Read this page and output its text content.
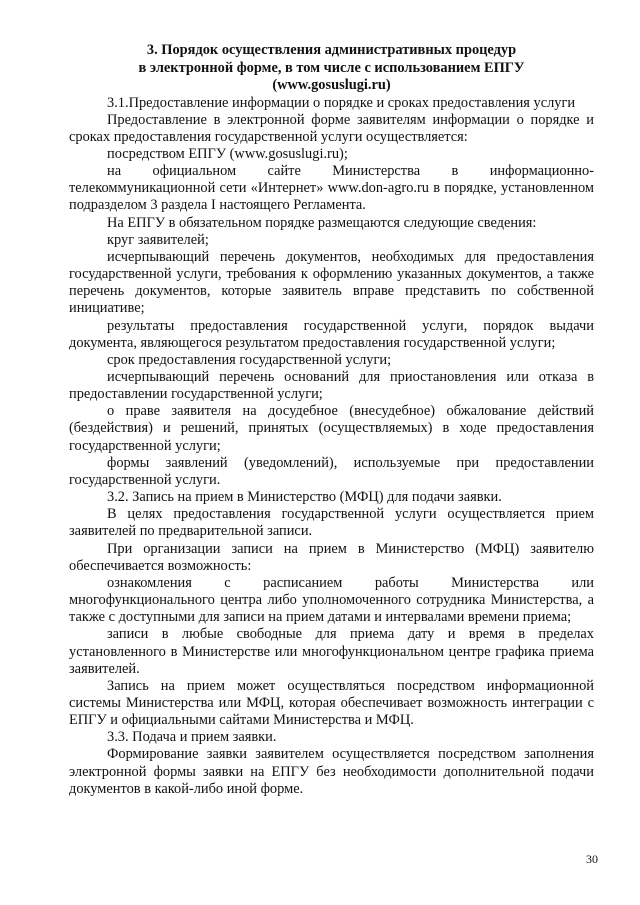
3. Порядок осуществления административных процедур
в электронной форме, в том числе с использованием ЕПГУ
(www.gosuslugi.ru)

3.1.Предоставление информации о порядке и сроках предоставления услуги

Предоставление в электронной форме заявителям информации о порядке и сроках предоставления государственной услуги осуществляется:

посредством ЕПГУ (www.gosuslugi.ru);

на официальном сайте Министерства в информационно-телекоммуникационной сети «Интернет» www.don-agro.ru в порядке, установленном подразделом 3 раздела I настоящего Регламента.

На ЕПГУ в обязательном порядке размещаются следующие сведения:

круг заявителей;

исчерпывающий перечень документов, необходимых для предоставления государственной услуги, требования к оформлению указанных документов, а также перечень документов, которые заявитель вправе представить по собственной инициативе;

результаты предоставления государственной услуги, порядок выдачи документа, являющегося результатом предоставления государственной услуги;

срок предоставления государственной услуги;

исчерпывающий перечень оснований для приостановления или отказа в предоставлении государственной услуги;

о праве заявителя на досудебное (внесудебное) обжалование действий (бездействия) и решений, принятых (осуществляемых) в ходе предоставления государственной услуги;

формы заявлений (уведомлений), используемые при предоставлении государственной услуги.

3.2. Запись на прием в Министерство (МФЦ) для подачи заявки.

В целях предоставления государственной услуги осуществляется прием заявителей по предварительной записи.

При организации записи на прием в Министерство (МФЦ) заявителю обеспечивается возможность:

ознакомления с расписанием работы Министерства или многофункционального центра либо уполномоченного сотрудника Министерства, а также с доступными для записи на прием датами и интервалами времени приема;

записи в любые свободные для приема дату и время в пределах установленного в Министерстве или многофункциональном центре графика приема заявителей.

Запись на прием может осуществляться посредством информационной системы Министерства или МФЦ, которая обеспечивает возможность интеграции с ЕПГУ и официальными сайтами Министерства и МФЦ.

3.3. Подача и прием заявки.

Формирование заявки заявителем осуществляется посредством заполнения электронной формы заявки на ЕПГУ без необходимости дополнительной подачи документов в какой-либо иной форме.

30
